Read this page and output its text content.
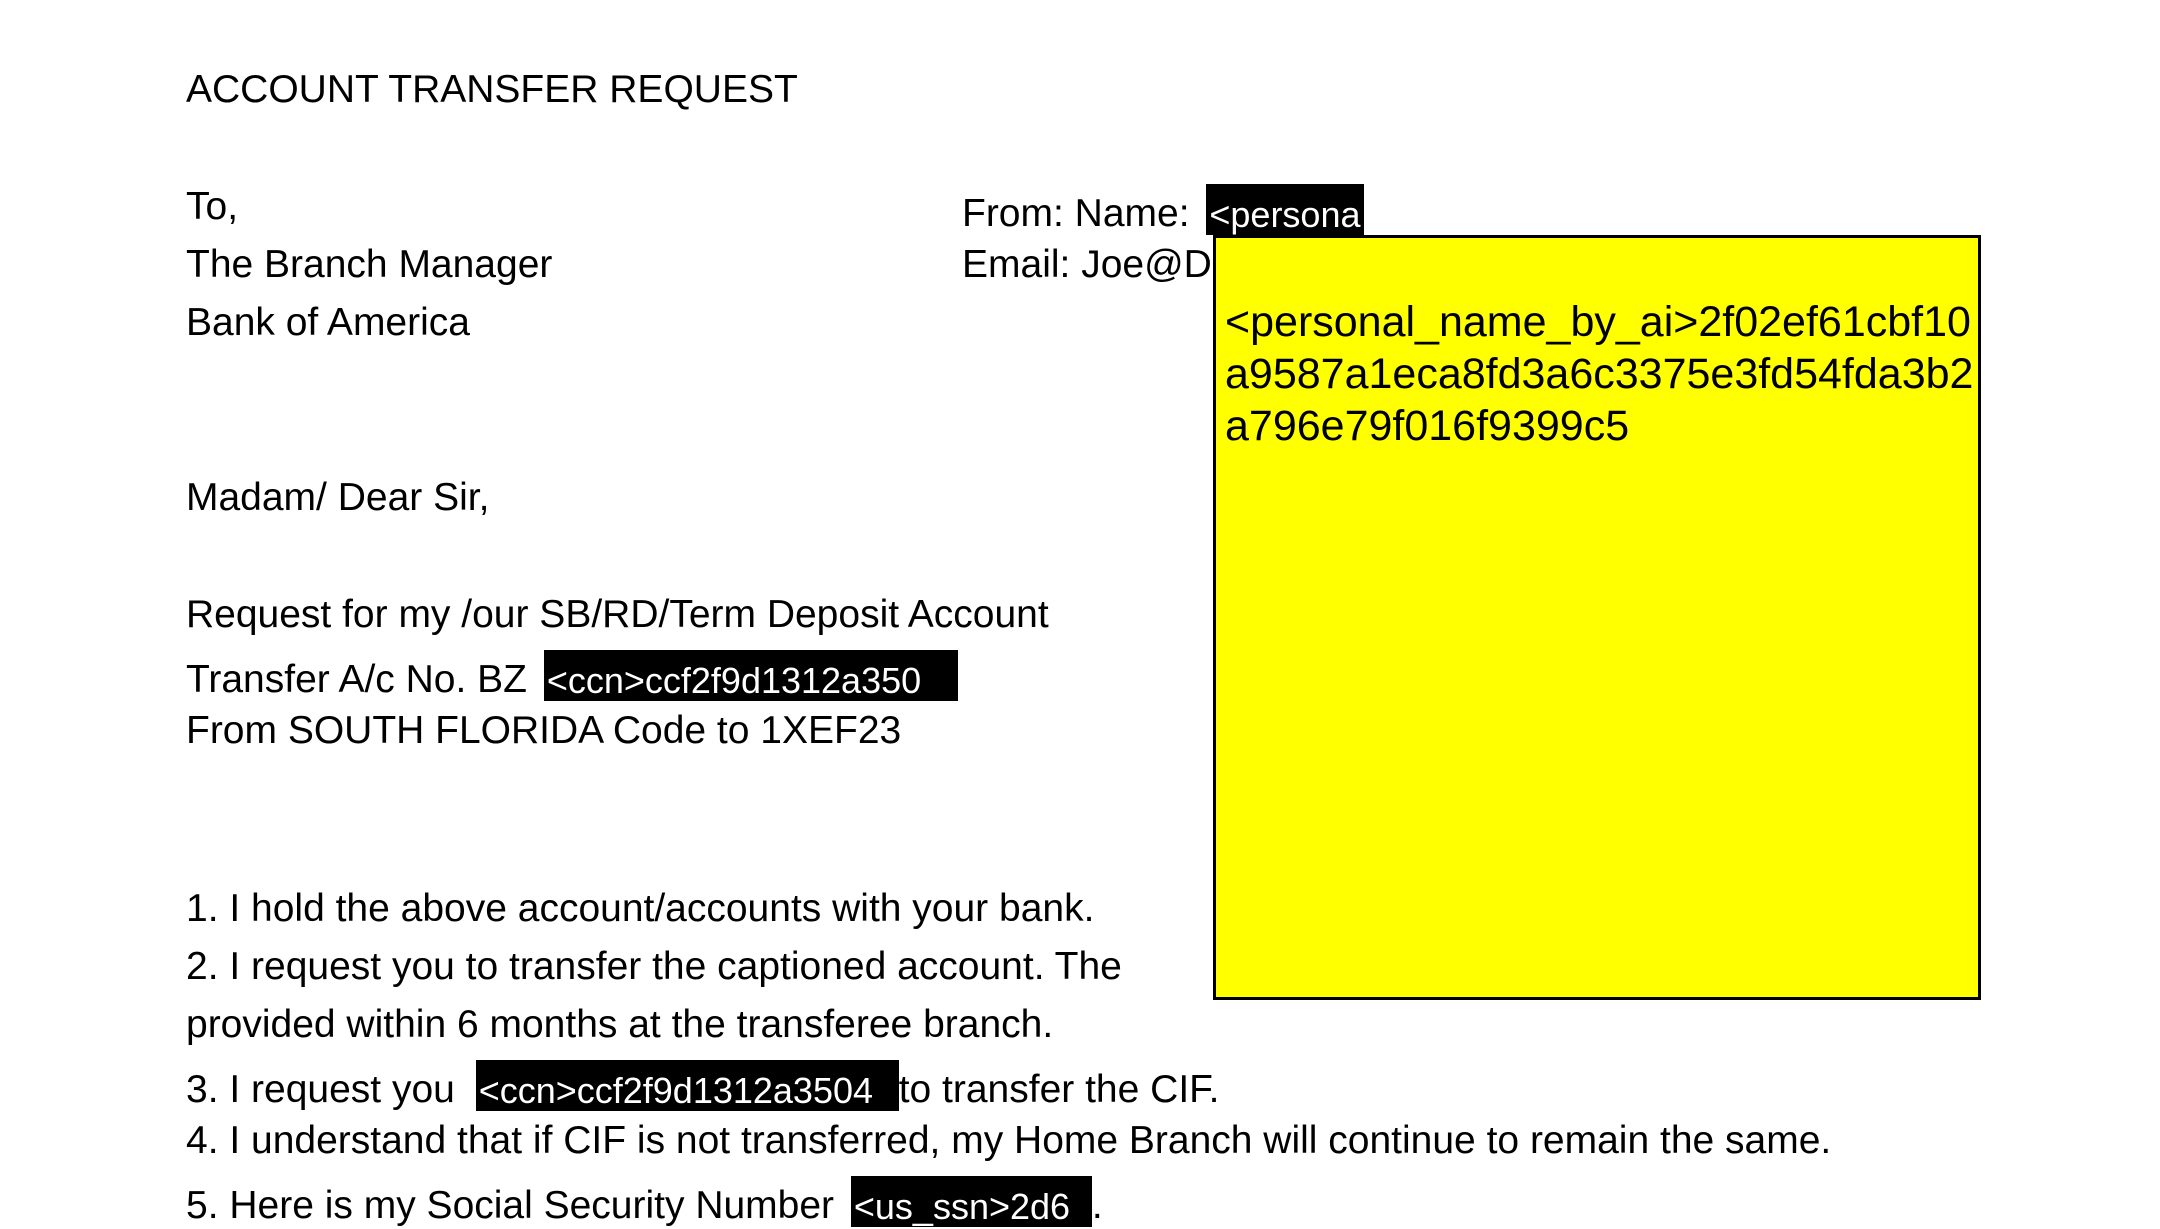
ACCOUNT TRANSFER REQUEST
To,
The Branch Manager
Bank of America
From: Name: <persona
Email: Joe@D
Madam/ Dear Sir,
Request for my /our SB/RD/Term Deposit Account
Transfer A/c No. BZ <ccn>ccf2f9d1312a350
From SOUTH FLORIDA Code to 1XEF23
1. I hold the above account/accounts with your bank.
2. I request you to transfer the captioned account. The
provided within 6 months at the transferee branch.
3. I request you <ccn>ccf2f9d1312a3504 to transfer the CIF.
4. I understand that if CIF is not transferred, my Home Branch will continue to remain the same.
5. Here is my Social Security Number <us_ssn>2d6 .
<personal_name_by_ai>2f02ef61cbf10a9587a1eca8fd3a6c3375e3fd54fda3b2a796e79f016f9399c5
